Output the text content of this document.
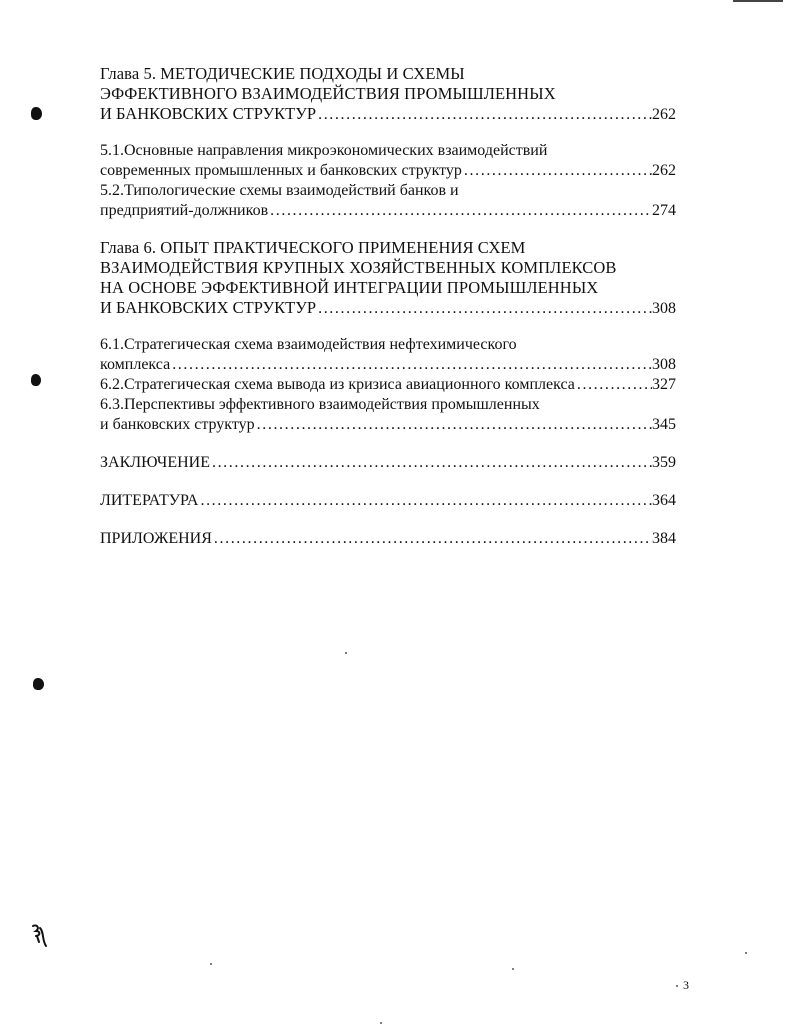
Глава 5. МЕТОДИЧЕСКИЕ ПОДХОДЫ И СХЕМЫ
ЭФФЕКТИВНОГО ВЗАИМОДЕЙСТВИЯ ПРОМЫШЛЕННЫХ
И БАНКОВСКИХ СТРУКТУР . . .	262
5.1.Основные направления микроэкономических взаимодействий
современных промышленных и банковских структур . . .	262
5.2.Типологические схемы взаимодействий банков и
предприятий-должников . . .	274
Глава 6. ОПЫТ ПРАКТИЧЕСКОГО ПРИМЕНЕНИЯ СХЕМ
ВЗАИМОДЕЙСТВИЯ КРУПНЫХ ХОЗЯЙСТВЕННЫХ КОМПЛЕКСОВ
НА ОСНОВЕ ЭФФЕКТИВНОЙ ИНТЕГРАЦИИ ПРОМЫШЛЕННЫХ
И БАНКОВСКИХ СТРУКТУР . . .	308
6.1.Стратегическая схема взаимодействия нефтехимического
комплекса . . .	308
6.2.Стратегическая схема вывода из кризиса авиационного комплекса . . .	327
6.3.Перспективы эффективного взаимодействия промышленных
и банковских структур . . .	345
ЗАКЛЮЧЕНИЕ . . .	359
ЛИТЕРАТУРА . . .	364
ПРИЛОЖЕНИЯ . . .	384
3
